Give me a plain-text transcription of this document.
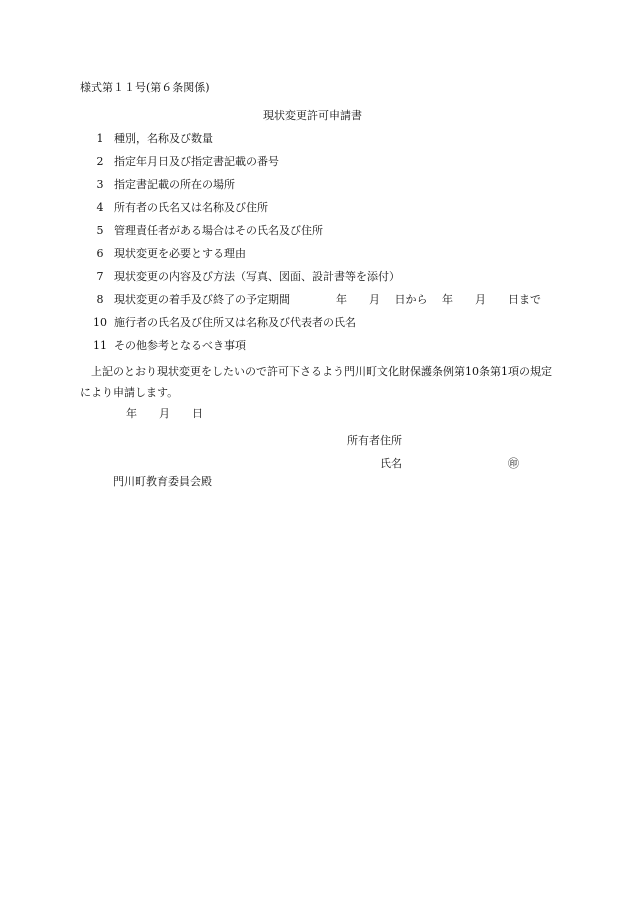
様式第１１号(第６条関係)
現状変更許可申請書
1 種別，名称及び数量
2 指定年月日及び指定書記載の番号
3 指定書記載の所在の場所
4 所有者の氏名又は名称及び住所
5 管理責任者がある場合はその氏名及び住所
6 現状変更を必要とする理由
7 現状変更の内容及び方法（写真、図面、設計書等を添付）
8 現状変更の着手及び終了の予定期間	年　　月　 日から　 年　　月　　日まで
10 施行者の氏名及び住所又は名称及び代表者の氏名
11 その他参考となるべき事項

上記のとおり現状変更をしたいので許可下さるよう門川町文化財保護条例第10条第1項の規定により申請します。

年　　月　　日
所有者住所
氏名	㊞
門川町教育委員会殿
